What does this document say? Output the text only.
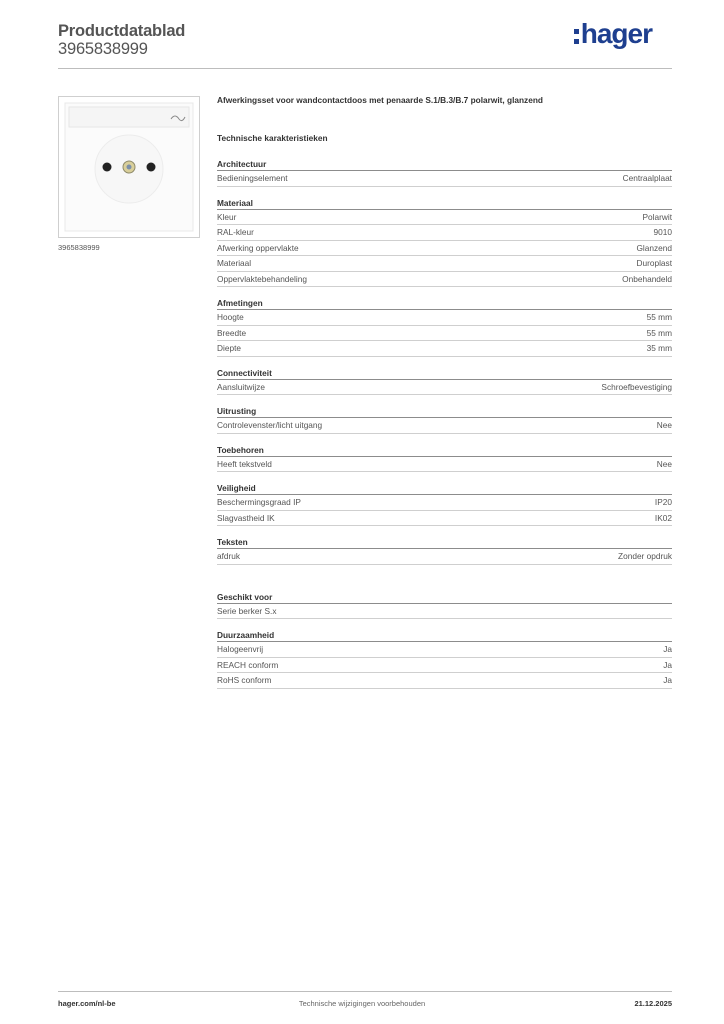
Productdatablad
3965838999	hager
3965838999
Afwerkingsset voor wandcontactdoos met penaarde S.1/B.3/B.7 polarwit, glanzend
Technische karakteristieken
Architectuur
Bedieningselement	Centraalplaat
Materiaal
Kleur	Polarwit
RAL-kleur	9010
Afwerking oppervlakte	Glanzend
Materiaal	Duroplast
Oppervlaktebehandeling	Onbehandeld
Afmetingen
Hoogte	55 mm
Breedte	55 mm
Diepte	35 mm
Connectiviteit
Aansluitwijze	Schroefbevestiging
Uitrusting
Controlevenster/licht uitgang	Nee
Toebehoren
Heeft tekstveld	Nee
Veiligheid
Beschermingsgraad IP	IP20
Slagvastheid IK	IK02
Teksten
afdruk	Zonder opdruk
Geschikt voor
Serie berker S.x
Duurzaamheid
Halogeenvrij	Ja
REACH conform	Ja
RoHS conform	Ja
hager.com/nl-be	Technische wijzigingen voorbehouden	21.12.2025
